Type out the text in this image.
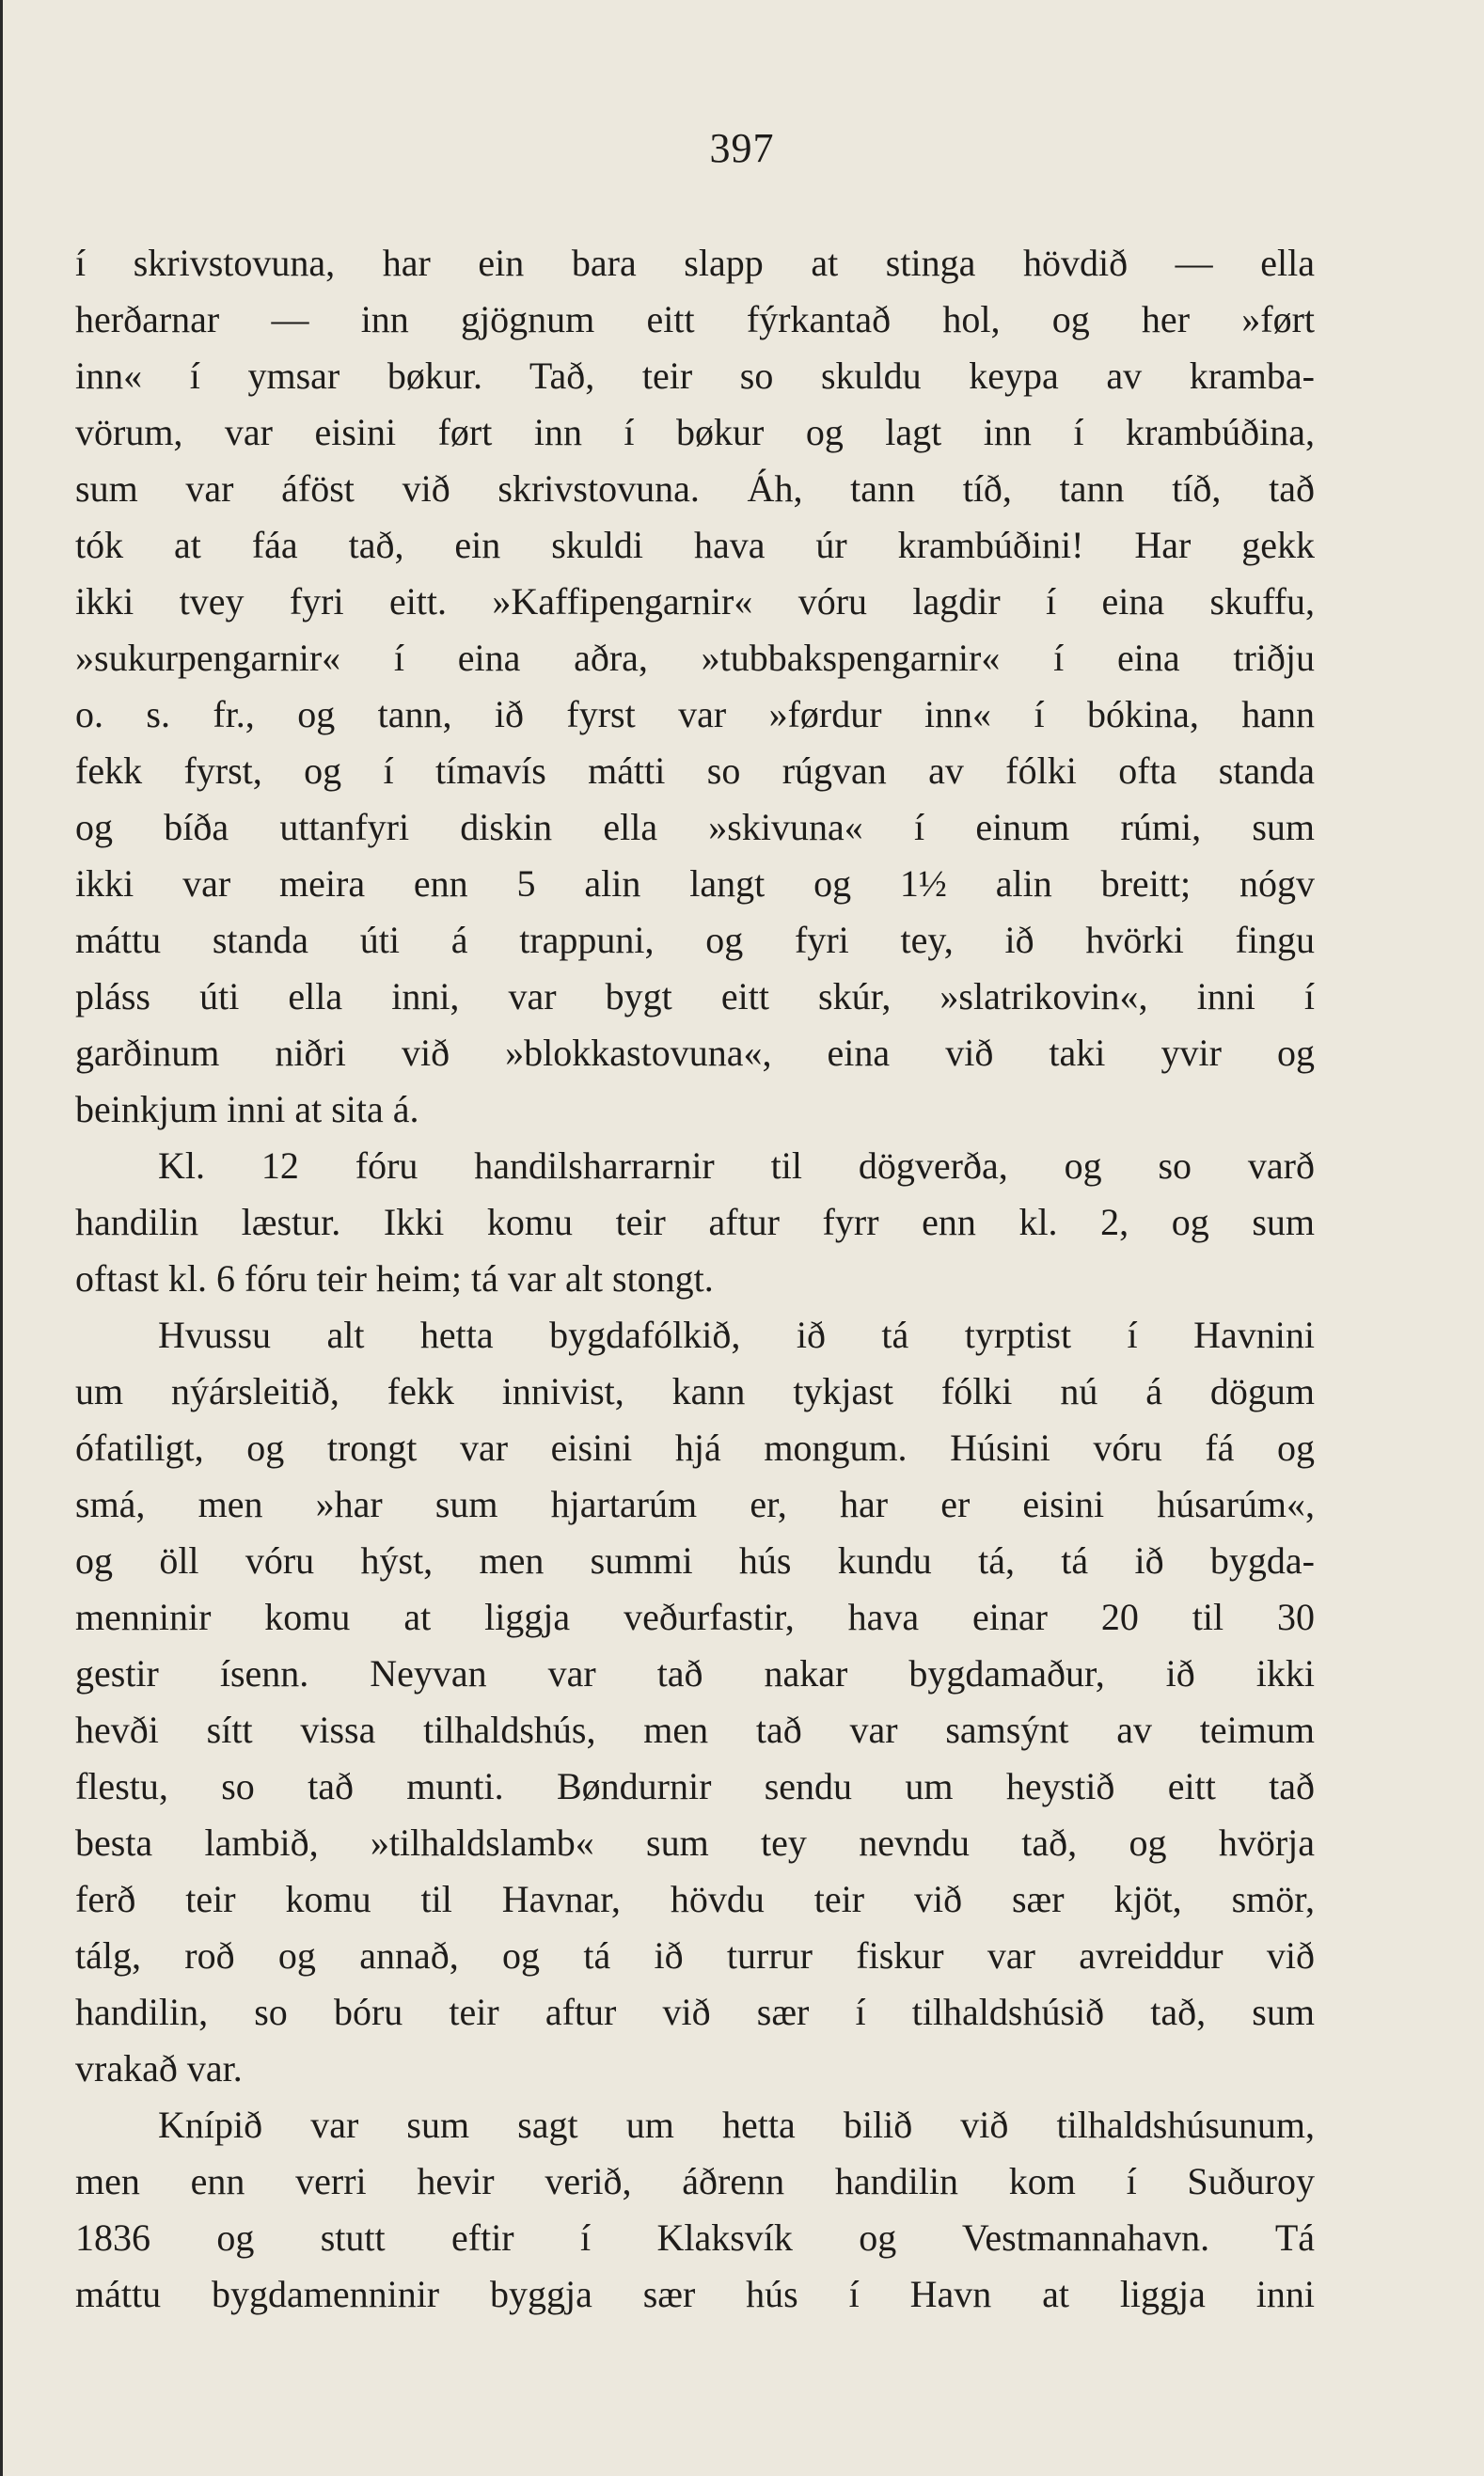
397
í skrivstovuna, har ein bara slapp at stinga hövdið — ella
herðarnar — inn gjögnum eitt fýrkantað hol, og her »ført
inn« í ymsar bøkur. Tað, teir so skuldu keypa av kramba-
vörum, var eisini ført inn í bøkur og lagt inn í krambúðina,
sum var áföst við skrivstovuna. Áh, tann tíð, tann tíð, tað
tók at fáa tað, ein skuldi hava úr krambúðini! Har gekk
ikki tvey fyri eitt. »Kaffipengarnir« vóru lagdir í eina skuffu,
»sukurpengarnir« í eina aðra, »tubbakspengarnir« í eina triðju
o. s. fr., og tann, ið fyrst var »førdur inn« í bókina, hann
fekk fyrst, og í tímavís mátti so rúgvan av fólki ofta standa
og bíða uttanfyri diskin ella »skivuna« í einum rúmi, sum
ikki var meira enn 5 alin langt og 1½ alin breitt; nógv
máttu standa úti á trappuni, og fyri tey, ið hvörki fingu
pláss úti ella inni, var bygt eitt skúr, »slatrikovin«, inni í
garðinum niðri við »blokkastovuna«, eina við taki yvir og
beinkjum inni at sita á.
Kl. 12 fóru handilsharrarnir til dögverða, og so varð
handilin læstur. Ikki komu teir aftur fyrr enn kl. 2, og sum
oftast kl. 6 fóru teir heim; tá var alt stongt.
Hvussu alt hetta bygdafólkið, ið tá tyrptist í Havnini
um nýársleitið, fekk innivist, kann tykjast fólki nú á dögum
ófatiligt, og trongt var eisini hjá mongum. Húsini vóru fá og
smá, men »har sum hjartarúm er, har er eisini húsarúm«,
og öll vóru hýst, men summi hús kundu tá, tá ið bygda-
menninir komu at liggja veðurfastir, hava einar 20 til 30
gestir ísenn. Neyvan var tað nakar bygdamaður, ið ikki
hevði sítt vissa tilhaldshús, men tað var samsýnt av teimum
flestu, so tað munti. Bøndurnir sendu um heystið eitt tað
besta lambið, »tilhaldslamb« sum tey nevndu tað, og hvörja
ferð teir komu til Havnar, hövdu teir við sær kjöt, smör,
tálg, roð og annað, og tá ið turrur fiskur var avreiddur við
handilin, so bóru teir aftur við sær í tilhaldshúsið tað, sum
vrakað var.
Knípið var sum sagt um hetta bilið við tilhaldshúsunum,
men enn verri hevir verið, áðrenn handilin kom í Suðuroy
1836 og stutt eftir í Klaksvík og Vestmannahavn. Tá
máttu bygdamenninir byggja sær hús í Havn at liggja inni
